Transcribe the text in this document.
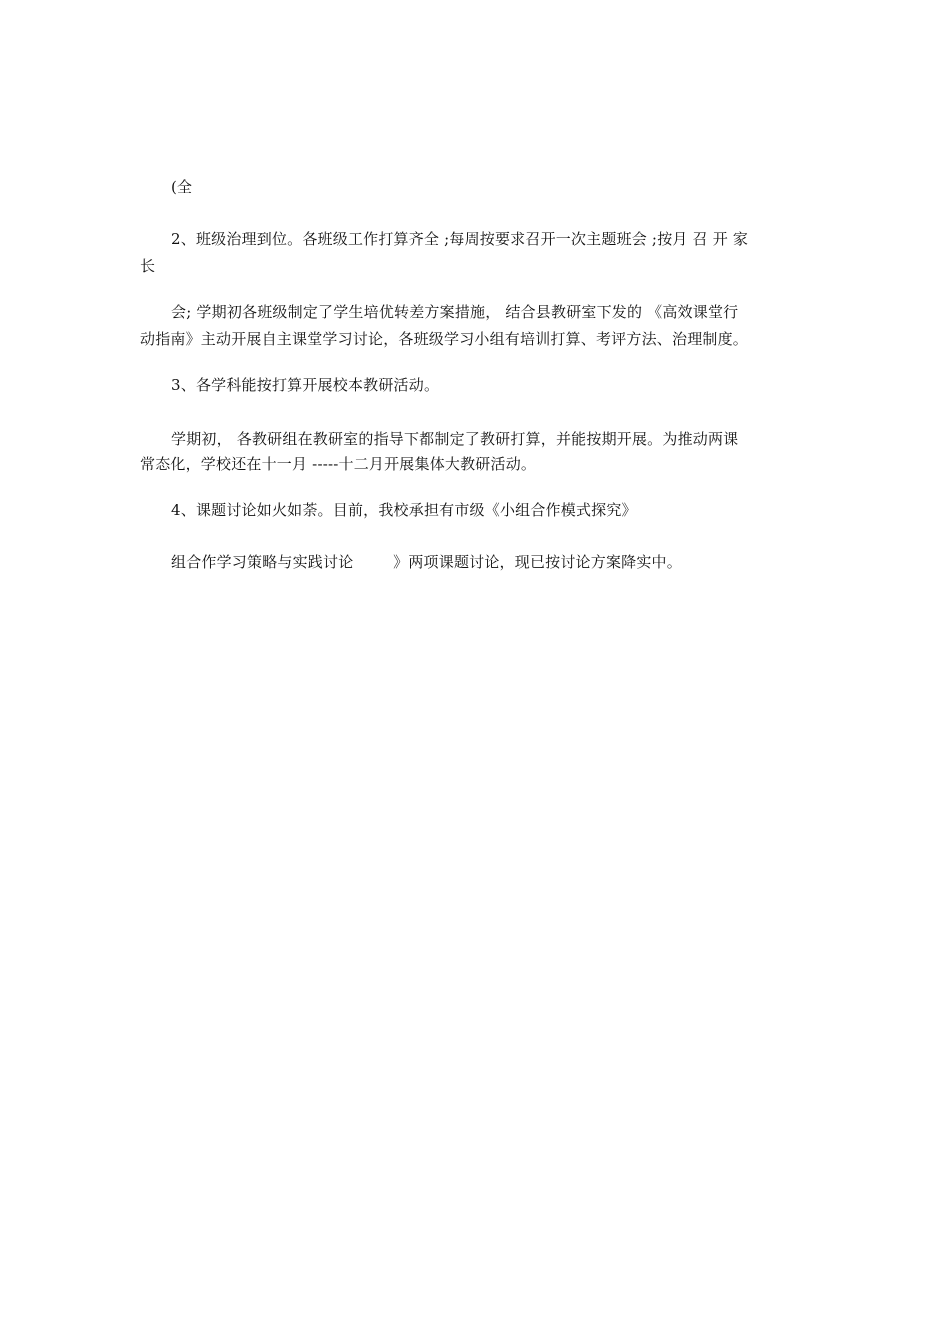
(全
2、班级治理到位。各班级工作打算齐全 ;每周按要求召开一次主题班会 ;按月 召 开 家
长
会; 学期初各班级制定了学生培优转差方案措施， 结合县教研室下发的 《高效课堂行
动指南》主动开展自主课堂学习讨论，各班级学习小组有培训打算、考评方法、治理制度。
3、各学科能按打算开展校本教研活动。
学期初， 各教研组在教研室的指导下都制定了教研打算，并能按期开展。为推动两课
常态化，学校还在十一月 -----十二月开展集体大教研活动。
4、课题讨论如火如荼。目前，我校承担有市级《小组合作模式探究》
组合作学习策略与实践讨论        》两项课题讨论，现已按讨论方案降实中。
